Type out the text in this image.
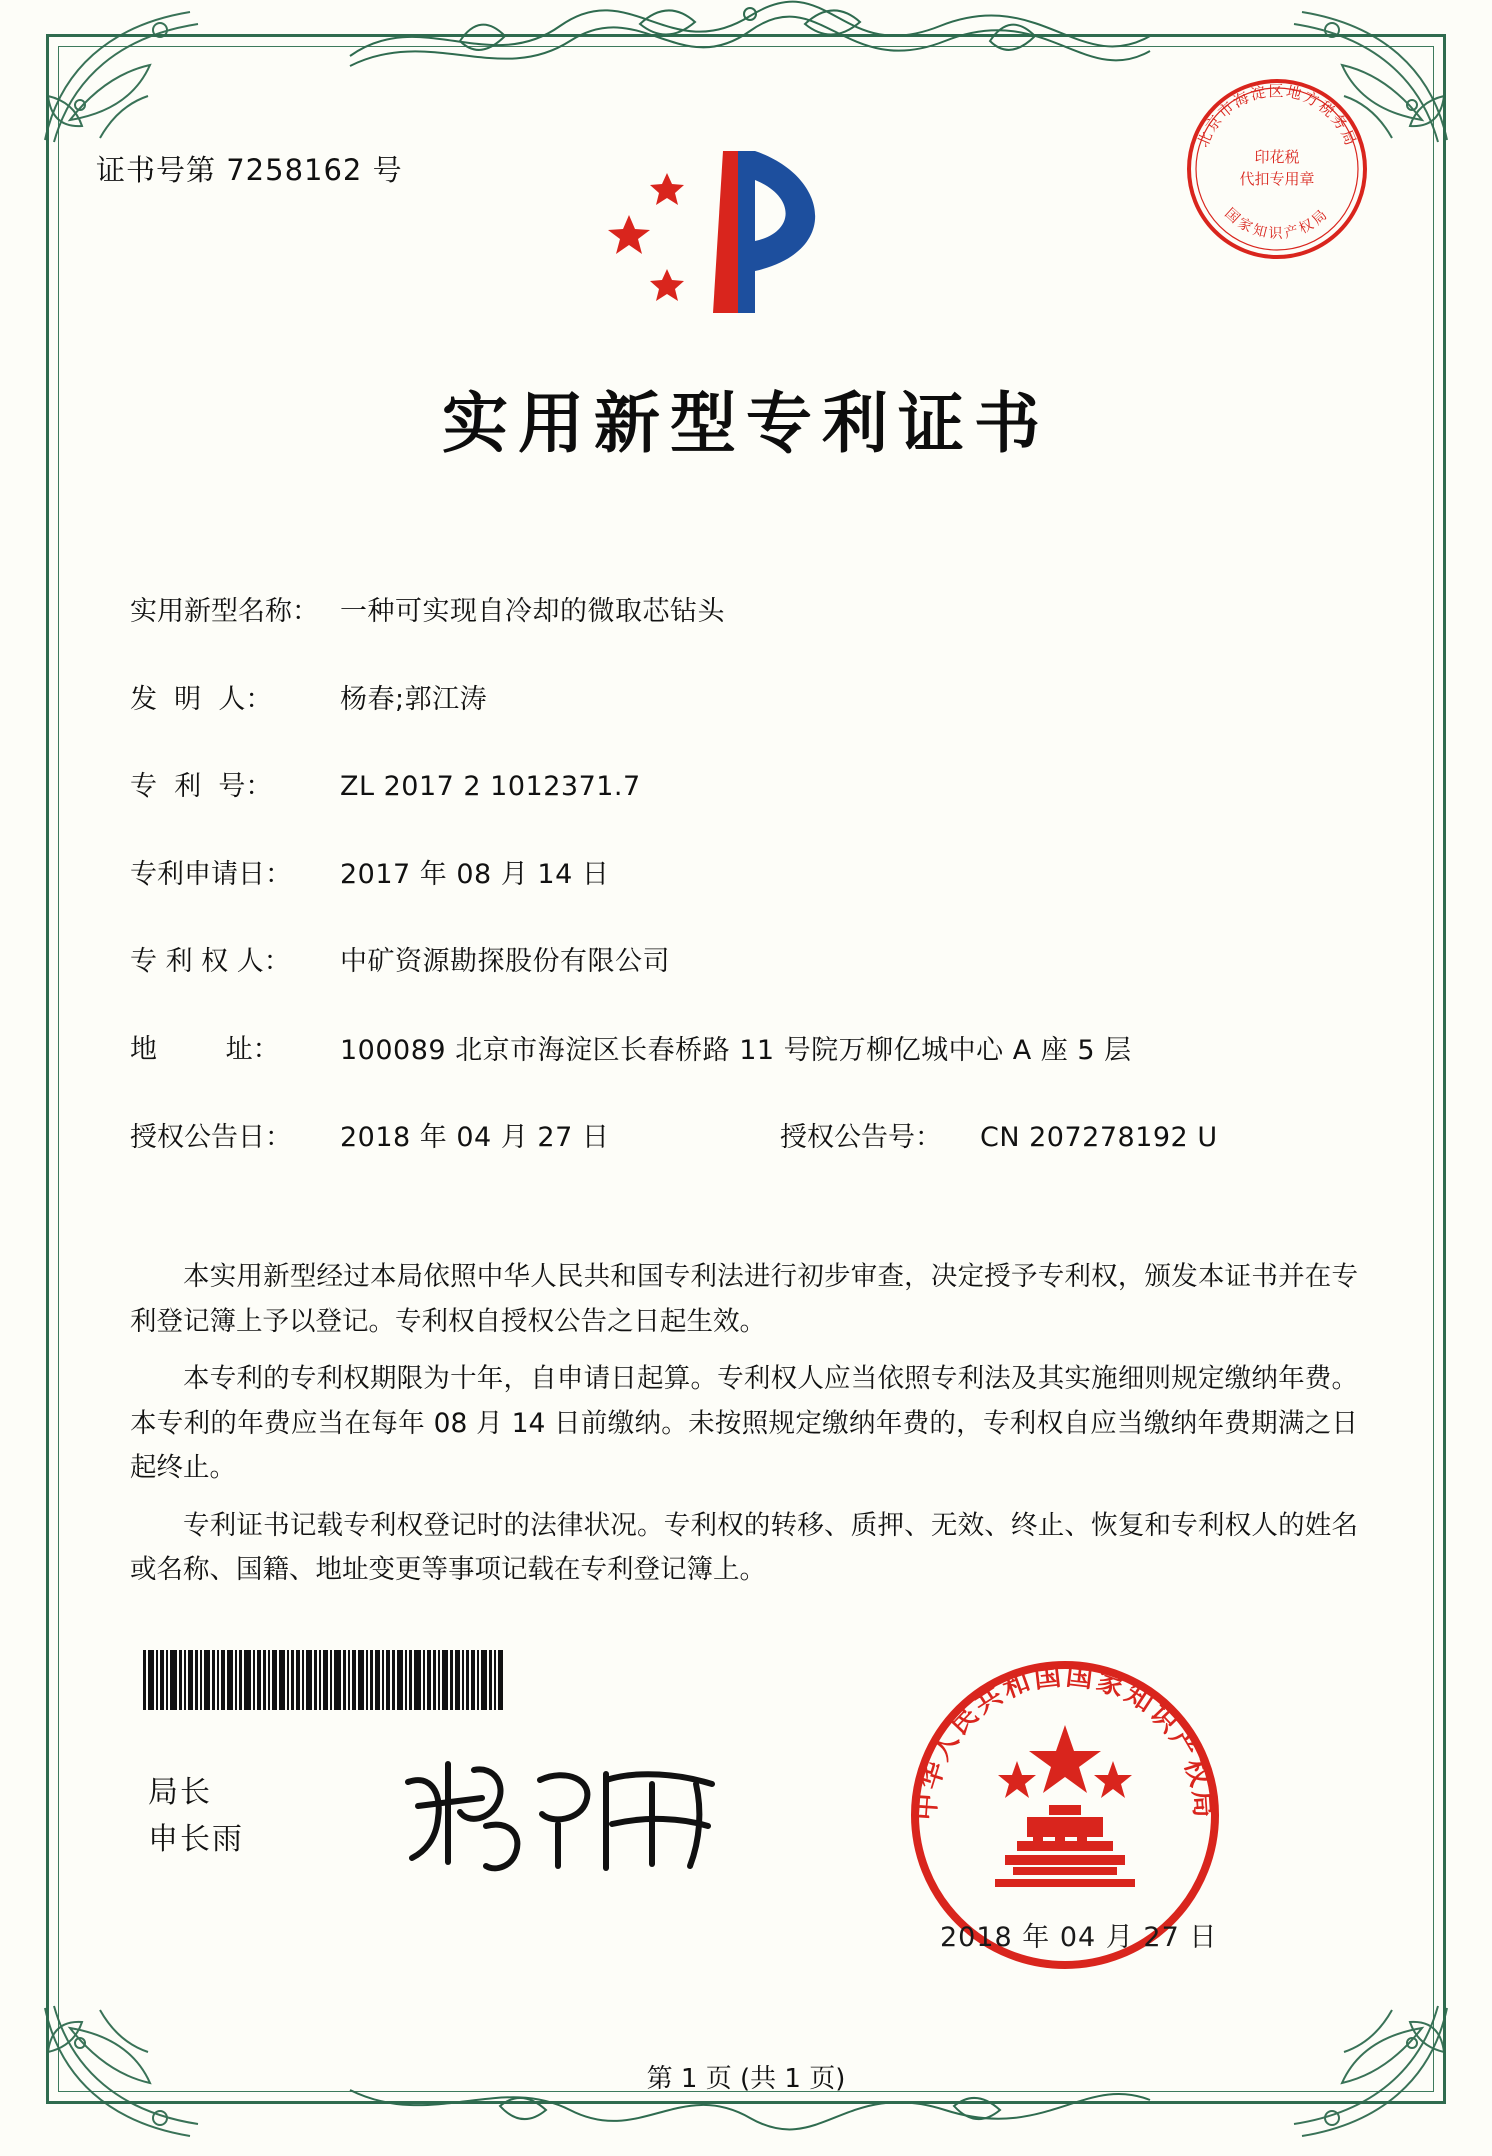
证书号第 7258162 号
北京市海淀区地方税务局
国家知识产权局
印花税
代扣专用章
实用新型专利证书
实用新型名称： 一种可实现自冷却的微取芯钻头
发  明  人：	杨春;郭江涛
专  利  号：	ZL 2017 2 1012371.7
专利申请日：	2017 年 08 月 14 日
专 利 权 人：	中矿资源勘探股份有限公司
地        址：	100089 北京市海淀区长春桥路 11 号院万柳亿城中心 A 座 5 层
授权公告日：	2018 年 04 月 27 日	授权公告号：	CN 207278192 U

本实用新型经过本局依照中华人民共和国专利法进行初步审查，决定授予专利权，颁发本证书并在专利登记簿上予以登记。专利权自授权公告之日起生效。

本专利的专利权期限为十年，自申请日起算。专利权人应当依照专利法及其实施细则规定缴纳年费。本专利的年费应当在每年 08 月 14 日前缴纳。未按照规定缴纳年费的，专利权自应当缴纳年费期满之日起终止。

专利证书记载专利权登记时的法律状况。专利权的转移、质押、无效、终止、恢复和专利权人的姓名或名称、国籍、地址变更等事项记载在专利登记簿上。

局长
申长雨
中华人民共和国国家知识产权局
2018 年 04 月 27 日
第 1 页 (共 1 页)
